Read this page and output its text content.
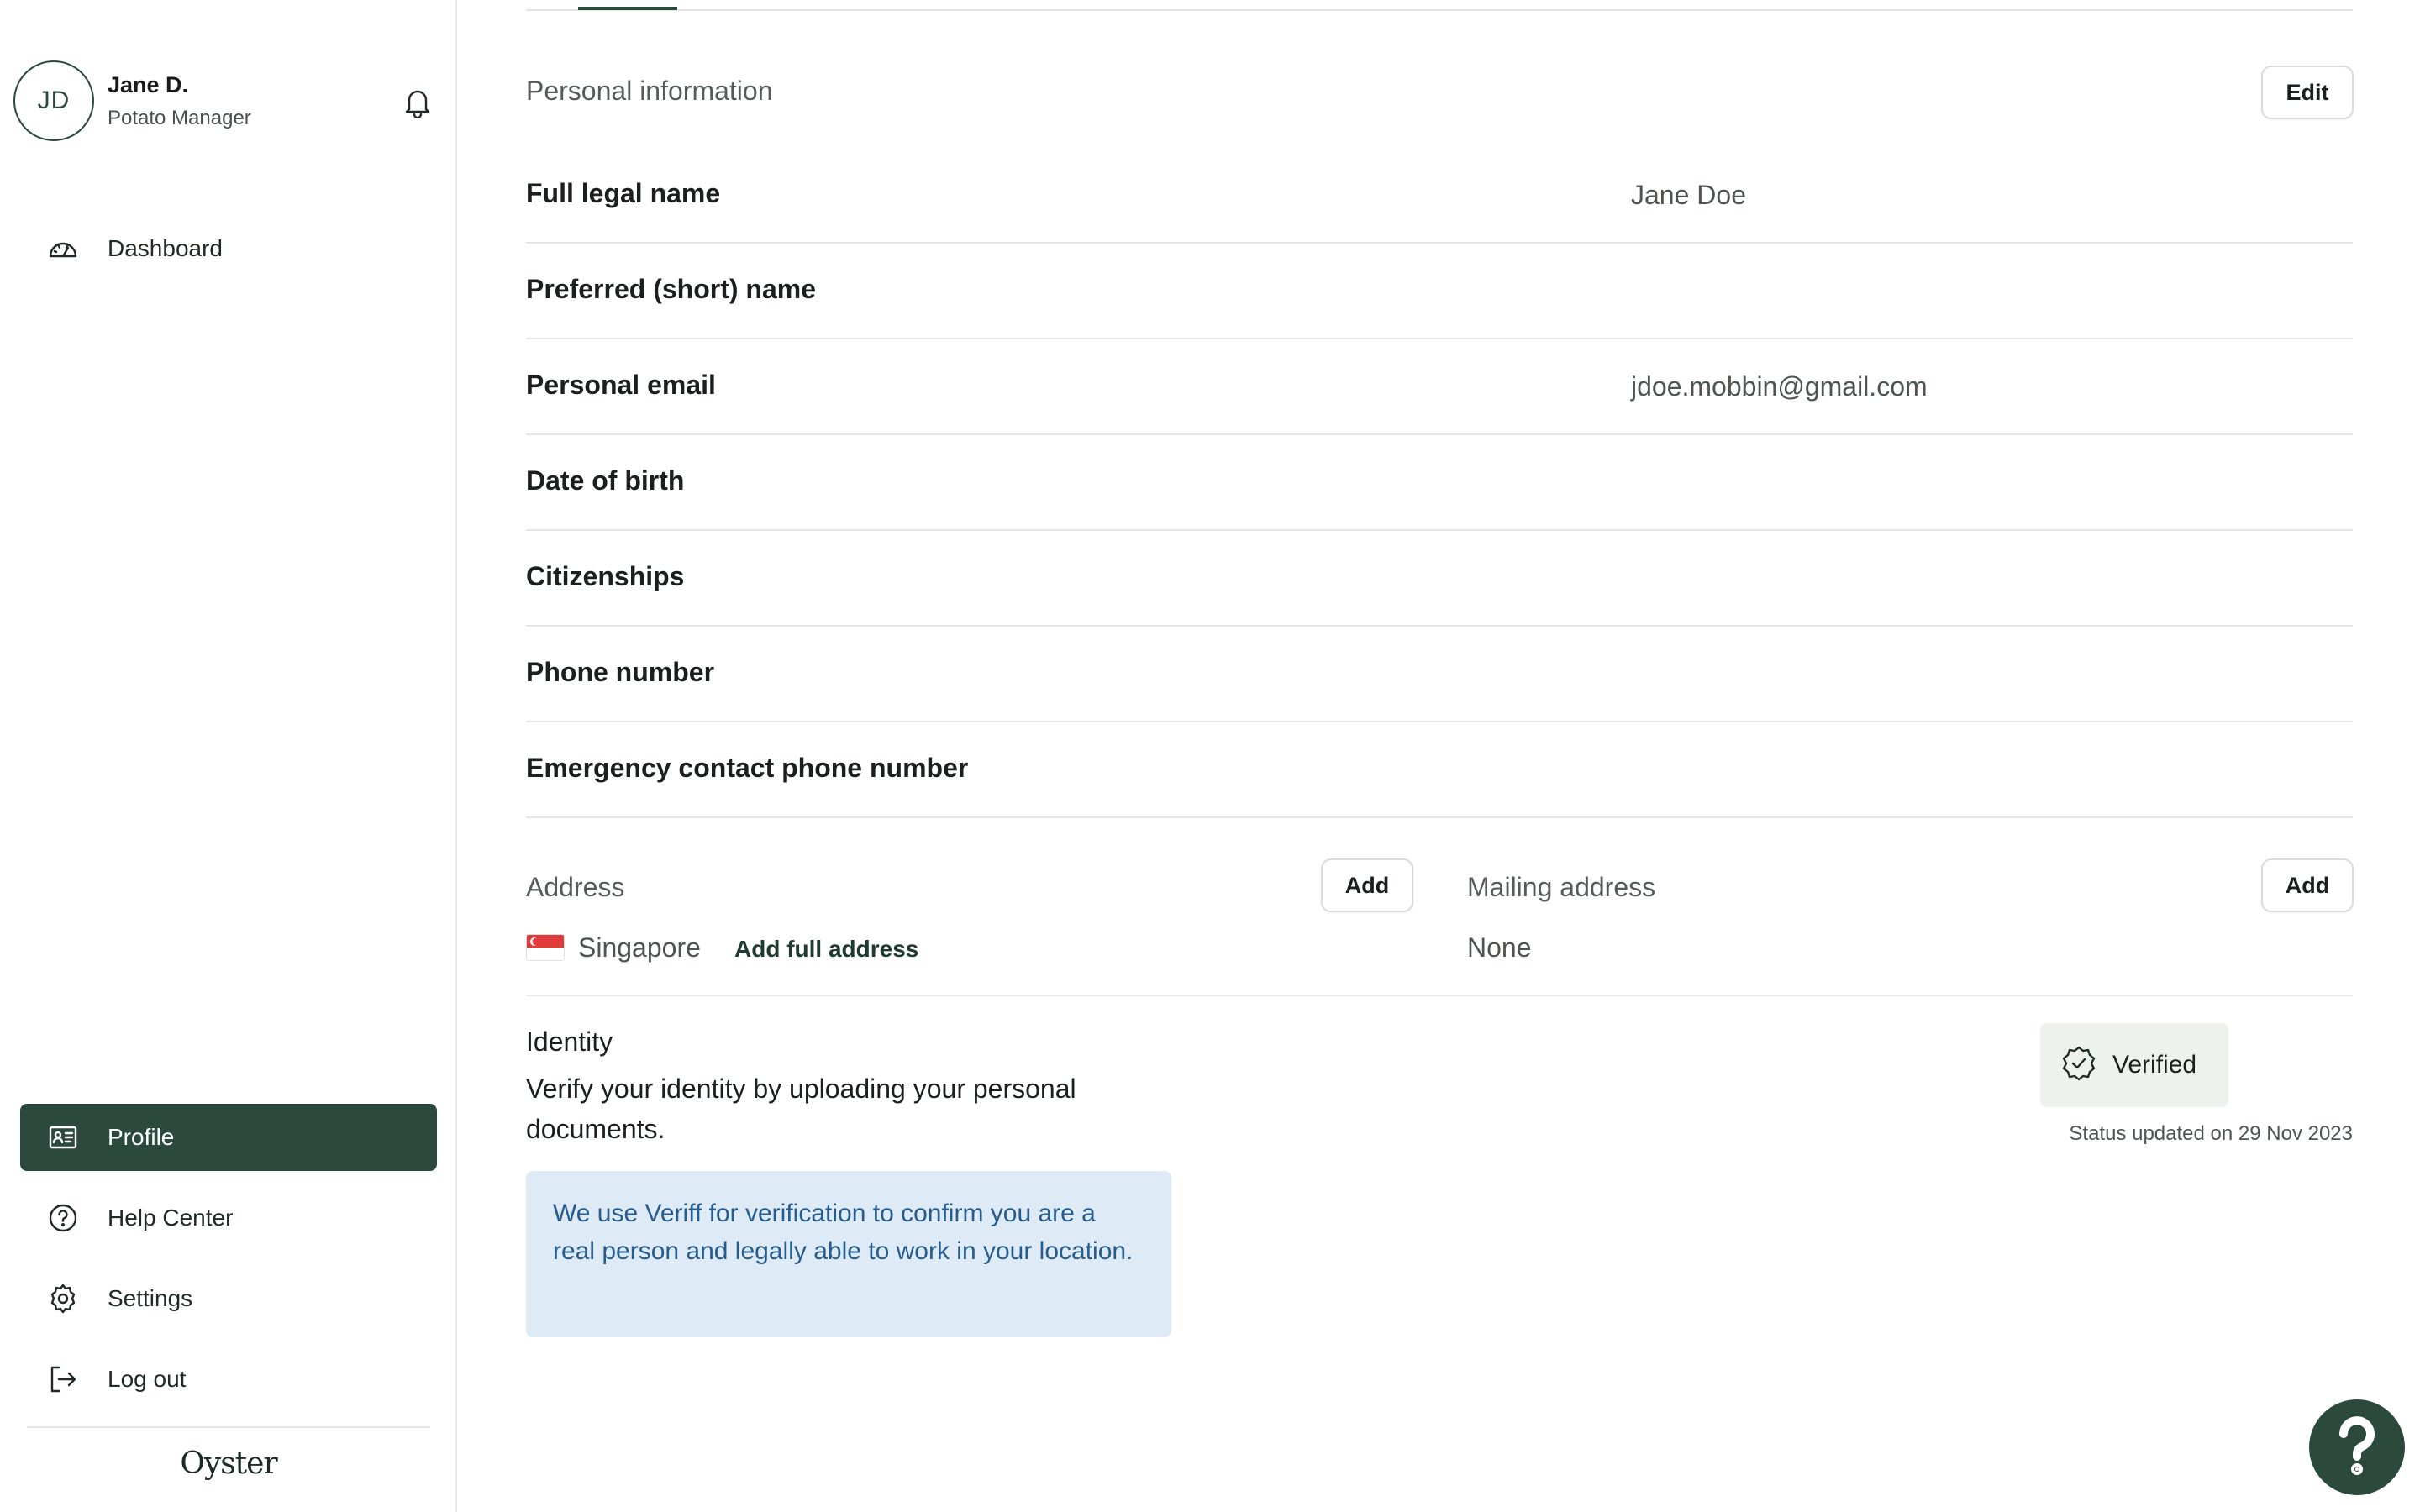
JD
Jane D.
Potato Manager
Dashboard
Profile
Help Center
Settings
Log out
Oyster
Personal information	Edit
Full legal name	Jane Doe
Preferred (short) name
Personal email	jdoe.mobbin@gmail.com
Date of birth
Citizenships
Phone number
Emergency contact phone number
Address	Add
Singapore Add full address
Mailing address	Add
None
Identity
Verify your identity by uploading your personal documents.
We use Veriff for verification to confirm you are a real person and legally able to work in your location.
Verified
Status updated on 29 Nov 2023
